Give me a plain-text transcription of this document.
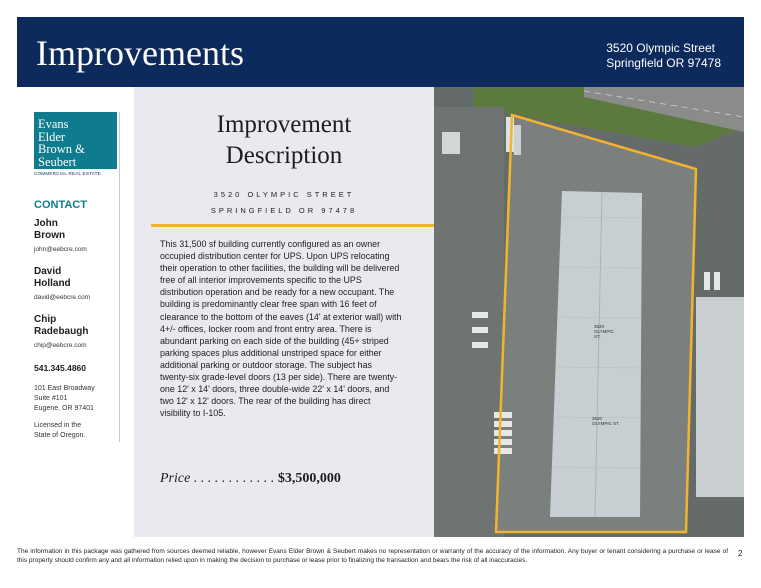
Improvements	3520 Olympic Street
Springfield OR 97478
Evans
Elder
Brown &
Seubert
COMMERCIAL REAL ESTATE
CONTACT
John
Brown
john@eebcre.com
David
Holland
david@eebcre.com
Chip
Radebaugh
chip@eebcre.com
541.345.4860
101 East Broadway
Suite #101
Eugene, OR 97401
Licensed in the
State of Oregon.
Improvement
Description
3520 OLYMPIC STREET
SPRINGFIELD OR 97478
This 31,500 sf building currently configured as an owner occupied distribution center for UPS. Upon UPS relocating their operation to other facilities, the building will be delivered free of all interior improvements specific to the UPS distribution operation and be ready for a new occupant. The building is predominantly clear free span with 16 feet of clearance to the bottom of the eaves (14' at exterior wall) with 4+/- offices, locker room and front entry area. There is abundant parking on each side of the building (45+ striped parking spaces plus additional unstriped space for either additional parking or outdoor storage. The subject has twenty-six grade-level doors (13 per side). There are twenty-one 12' x 14' doors, three double-wide 22' x 14' doors, and two 12' x 12' doors. The rear of the building has direct visibility to I-105.
Price . . . . . . . . . . . . $3,500,000
3520 OLYMPIC ST.
3520 OLYMPIC ST.
The information in this package was gathered from sources deemed reliable, however Evans Elder Brown & Seubert makes no representation or warranty of the accuracy of the information. Any buyer or tenant considering a purchase or lease of this property should confirm any and all information relied upon in making the decision to purchase or lease prior to finalizing the transaction and bears the risk of all inaccuracies.
2
